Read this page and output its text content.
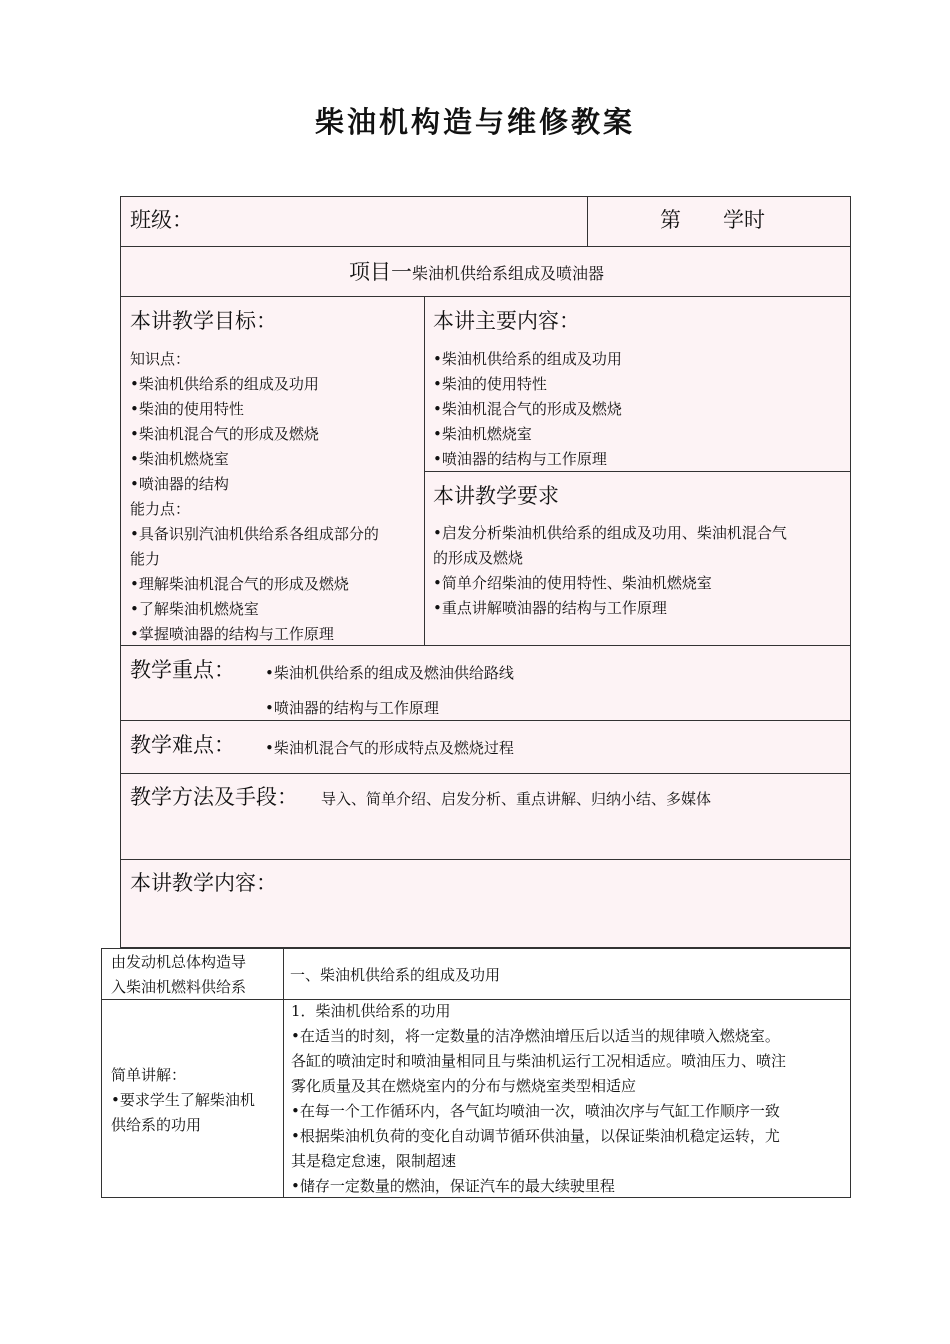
柴油机构造与维修教案
班级：	第　　学时
项目一柴油机供给系组成及喷油器
本讲教学目标：
知识点：
•柴油机供给系的组成及功用
•柴油的使用特性
•柴油机混合气的形成及燃烧
•柴油机燃烧室
•喷油器的结构
能力点：
•具备识别汽油机供给系各组成部分的
能力
•理解柴油机混合气的形成及燃烧
•了解柴油机燃烧室
•掌握喷油器的结构与工作原理
本讲主要内容：
•柴油机供给系的组成及功用
•柴油的使用特性
•柴油机混合气的形成及燃烧
•柴油机燃烧室
•喷油器的结构与工作原理
本讲教学要求
•启发分析柴油机供给系的组成及功用、柴油机混合气
的形成及燃烧
•简单介绍柴油的使用特性、柴油机燃烧室
•重点讲解喷油器的结构与工作原理
教学重点： •柴油机供给系的组成及燃油供给路线
•喷油器的结构与工作原理
教学难点： •柴油机混合气的形成特点及燃烧过程
教学方法及手段： 导入、简单介绍、启发分析、重点讲解、归纳小结、多媒体
本讲教学内容：
由发动机总体构造导
入柴油机燃料供给系
一、柴油机供给系的组成及功用
简单讲解：
•要求学生了解柴油机
供给系的功用
1．柴油机供给系的功用
•在适当的时刻，将一定数量的洁净燃油增压后以适当的规律喷入燃烧室。
各缸的喷油定时和喷油量相同且与柴油机运行工况相适应。喷油压力、喷注
雾化质量及其在燃烧室内的分布与燃烧室类型相适应
•在每一个工作循环内，各气缸均喷油一次，喷油次序与气缸工作顺序一致
•根据柴油机负荷的变化自动调节循环供油量，以保证柴油机稳定运转，尤
其是稳定怠速，限制超速
•储存一定数量的燃油，保证汽车的最大续驶里程
